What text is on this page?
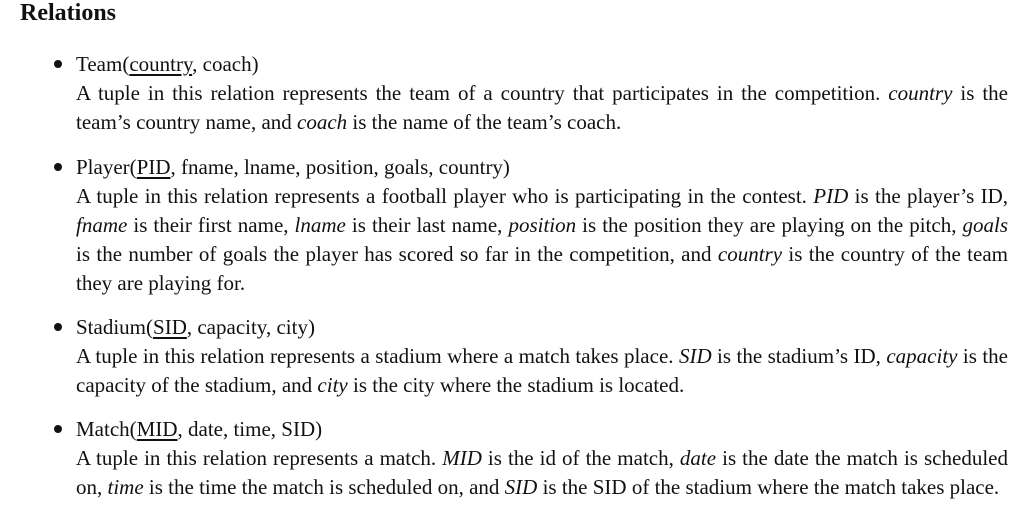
Relations
Team(country, coach)
A tuple in this relation represents the team of a country that participates in the competition. country is the team’s country name, and coach is the name of the team’s coach.
Player(PID, fname, lname, position, goals, country)
A tuple in this relation represents a football player who is participating in the contest. PID is the player’s ID, fname is their first name, lname is their last name, position is the position they are playing on the pitch, goals is the number of goals the player has scored so far in the competition, and country is the country of the team they are playing for.
Stadium(SID, capacity, city)
A tuple in this relation represents a stadium where a match takes place. SID is the stadium’s ID, capacity is the capacity of the stadium, and city is the city where the stadium is located.
Match(MID, date, time, SID)
A tuple in this relation represents a match. MID is the id of the match, date is the date the match is scheduled on, time is the time the match is scheduled on, and SID is the SID of the stadium where the match takes place.
